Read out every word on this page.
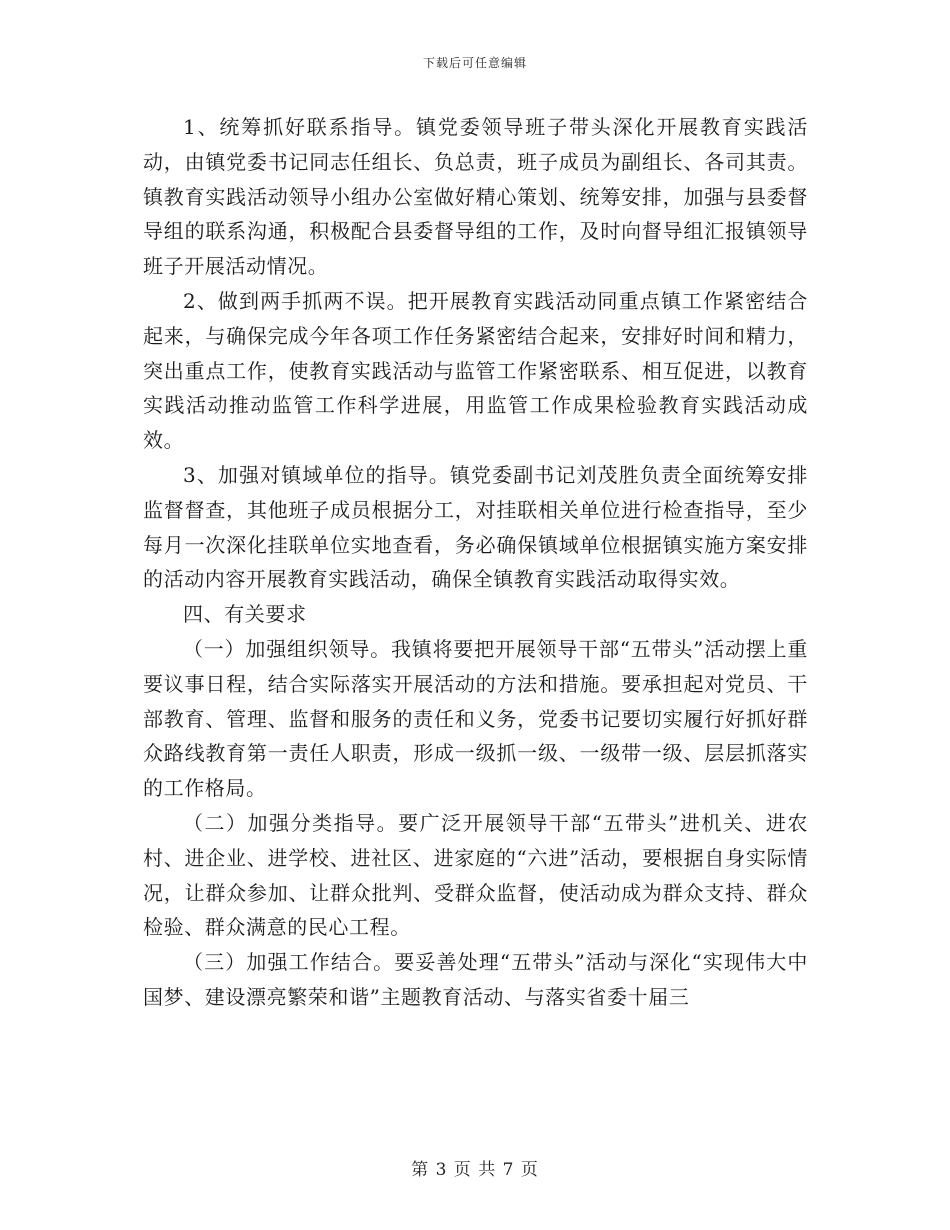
下载后可任意编辑

1、统筹抓好联系指导。镇党委领导班子带头深化开展教育实践活动，由镇党委书记同志任组长、负总责，班子成员为副组长、各司其责。镇教育实践活动领导小组办公室做好精心策划、统筹安排，加强与县委督导组的联系沟通，积极配合县委督导组的工作，及时向督导组汇报镇领导班子开展活动情况。

2、做到两手抓两不误。把开展教育实践活动同重点镇工作紧密结合起来，与确保完成今年各项工作任务紧密结合起来，安排好时间和精力，突出重点工作，使教育实践活动与监管工作紧密联系、相互促进，以教育实践活动推动监管工作科学进展，用监管工作成果检验教育实践活动成效。

3、加强对镇域单位的指导。镇党委副书记刘茂胜负责全面统筹安排监督督查，其他班子成员根据分工，对挂联相关单位进行检查指导，至少每月一次深化挂联单位实地查看，务必确保镇域单位根据镇实施方案安排的活动内容开展教育实践活动，确保全镇教育实践活动取得实效。

四、有关要求

（一）加强组织领导。我镇将要把开展领导干部“五带头”活动摆上重要议事日程，结合实际落实开展活动的方法和措施。要承担起对党员、干部教育、管理、监督和服务的责任和义务，党委书记要切实履行好抓好群众路线教育第一责任人职责，形成一级抓一级、一级带一级、层层抓落实的工作格局。

（二）加强分类指导。要广泛开展领导干部“五带头”进机关、进农村、进企业、进学校、进社区、进家庭的“六进”活动，要根据自身实际情况，让群众参加、让群众批判、受群众监督，使活动成为群众支持、群众检验、群众满意的民心工程。

（三）加强工作结合。要妥善处理“五带头”活动与深化“实现伟大中国梦、建设漂亮繁荣和谐”主题教育活动、与落实省委十届三

第 3 页 共 7 页
